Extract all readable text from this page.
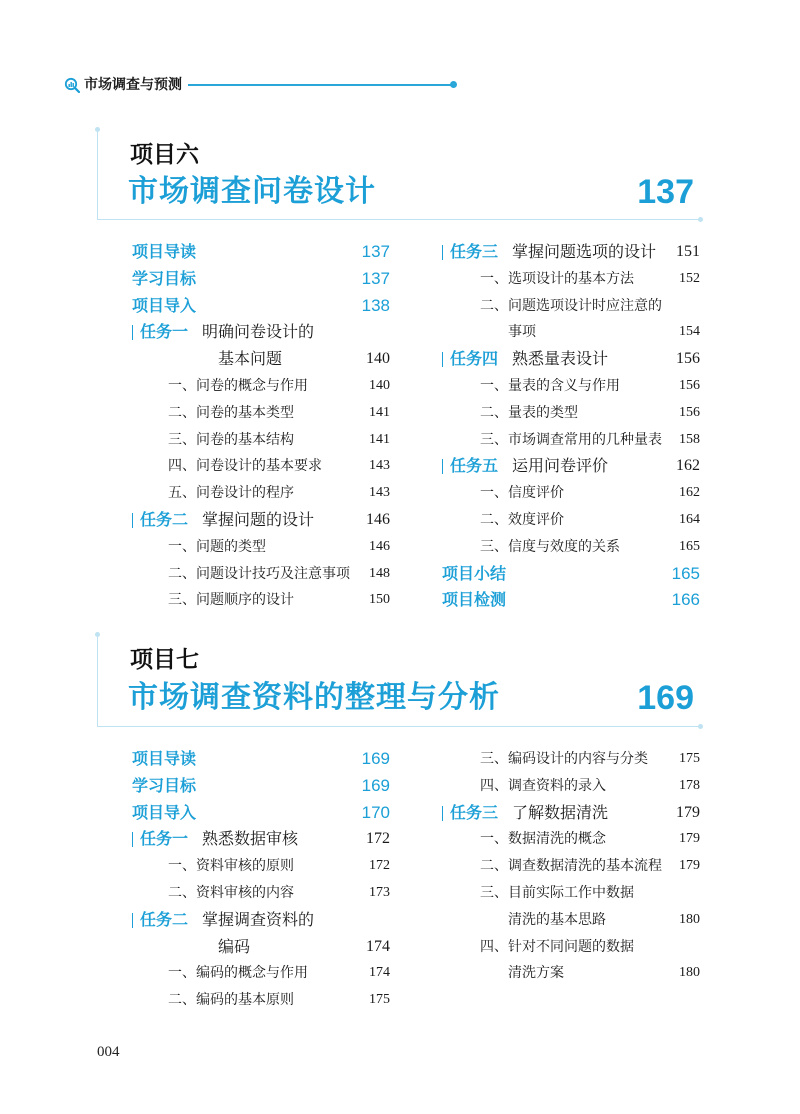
市场调查与预测
项目六
市场调查问卷设计	137
项目导读	137
学习目标	137
项目导入	138
任务一 明确问卷设计的
基本问题	140
一、问卷的概念与作用	140
二、问卷的基本类型	141
三、问卷的基本结构	141
四、问卷设计的基本要求	143
五、问卷设计的程序	143
任务二 掌握问题的设计	146
一、问题的类型	146
二、问题设计技巧及注意事项 148
三、问题顺序的设计	150
任务三 掌握问题选项的设计 151
一、选项设计的基本方法	152
二、问题选项设计时应注意的
事项	154
任务四 熟悉量表设计	156
一、量表的含义与作用	156
二、量表的类型	156
三、市场调查常用的几种量表 158
任务五 运用问卷评价	162
一、信度评价	162
二、效度评价	164
三、信度与效度的关系	165
项目小结	165
项目检测	166
项目七
市场调查资料的整理与分析	169
项目导读	169
学习目标	169
项目导入	170
任务一 熟悉数据审核	172
一、资料审核的原则	172
二、资料审核的内容	173
任务二 掌握调查资料的
编码	174
一、编码的概念与作用	174
二、编码的基本原则	175
三、编码设计的内容与分类 175
四、调查资料的录入	178
任务三 了解数据清洗	179
一、数据清洗的概念	179
二、调查数据清洗的基本流程 179
三、目前实际工作中数据
清洗的基本思路	180
四、针对不同问题的数据
清洗方案	180
004
